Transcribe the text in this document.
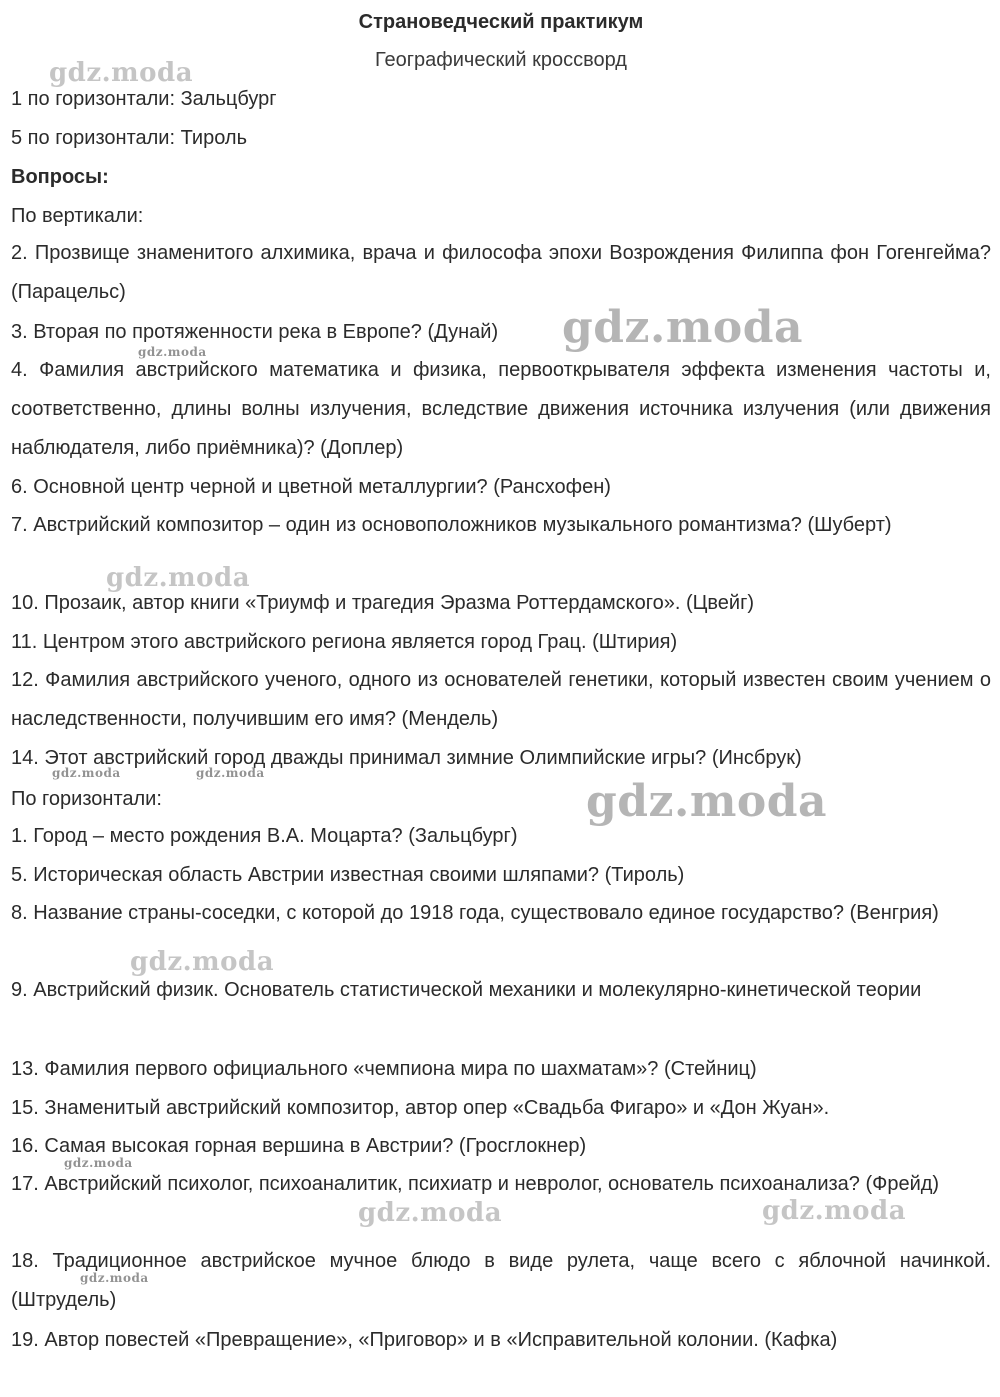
Страноведческий практикум
Географический кроссворд
1 по горизонтали: Зальцбург
5 по горизонтали: Тироль
Вопросы:
По вертикали:
2. Прозвище знаменитого алхимика, врача и философа эпохи Возрождения Филиппа фон Гогенгейма? (Парацельс)
3. Вторая по протяженности река в Европе? (Дунай)
4. Фамилия австрийского математика и физика, первооткрывателя эффекта изменения частоты и, соответственно, длины волны излучения, вследствие движения источника излучения (или движения наблюдателя, либо приёмника)? (Доплер)
6. Основной центр черной и цветной металлургии? (Рансхофен)
7. Австрийский композитор – один из основоположников музыкального романтизма? (Шуберт)
10. Прозаик, автор книги «Триумф и трагедия Эразма Роттердамского». (Цвейг)
11. Центром этого австрийского региона является город Грац. (Штирия)
12. Фамилия австрийского ученого, одного из основателей генетики, который известен своим учением о наследственности, получившим его имя? (Мендель)
14. Этот австрийский город дважды принимал зимние Олимпийские игры? (Инсбрук)
По горизонтали:
1. Город – место рождения В.А. Моцарта? (Зальцбург)
5. Историческая область Австрии известная своими шляпами? (Тироль)
8. Название страны-соседки, с которой до 1918 года, существовало единое государство? (Венгрия)
9. Австрийский физик. Основатель статистической механики и молекулярно-кинетической теории
13. Фамилия первого официального «чемпиона мира по шахматам»? (Стейниц)
15. Знаменитый австрийский композитор, автор опер «Свадьба Фигаро» и «Дон Жуан».
16. Самая высокая горная вершина в Австрии? (Гросглокнер)
17. Австрийский психолог, психоаналитик, психиатр и невролог, основатель психоанализа? (Фрейд)
18. Традиционное австрийское мучное блюдо в виде рулета, чаще всего с яблочной начинкой. (Штрудель)
19. Автор повестей «Превращение», «Приговор» и в «Исправительной колонии. (Кафка)
gdz.moda
gdz.moda
gdz.moda
gdz.moda
gdz.moda	gdz.moda
gdz.moda
gdz.moda
gdz.moda
gdz.moda	gdz.moda
gdz.moda
